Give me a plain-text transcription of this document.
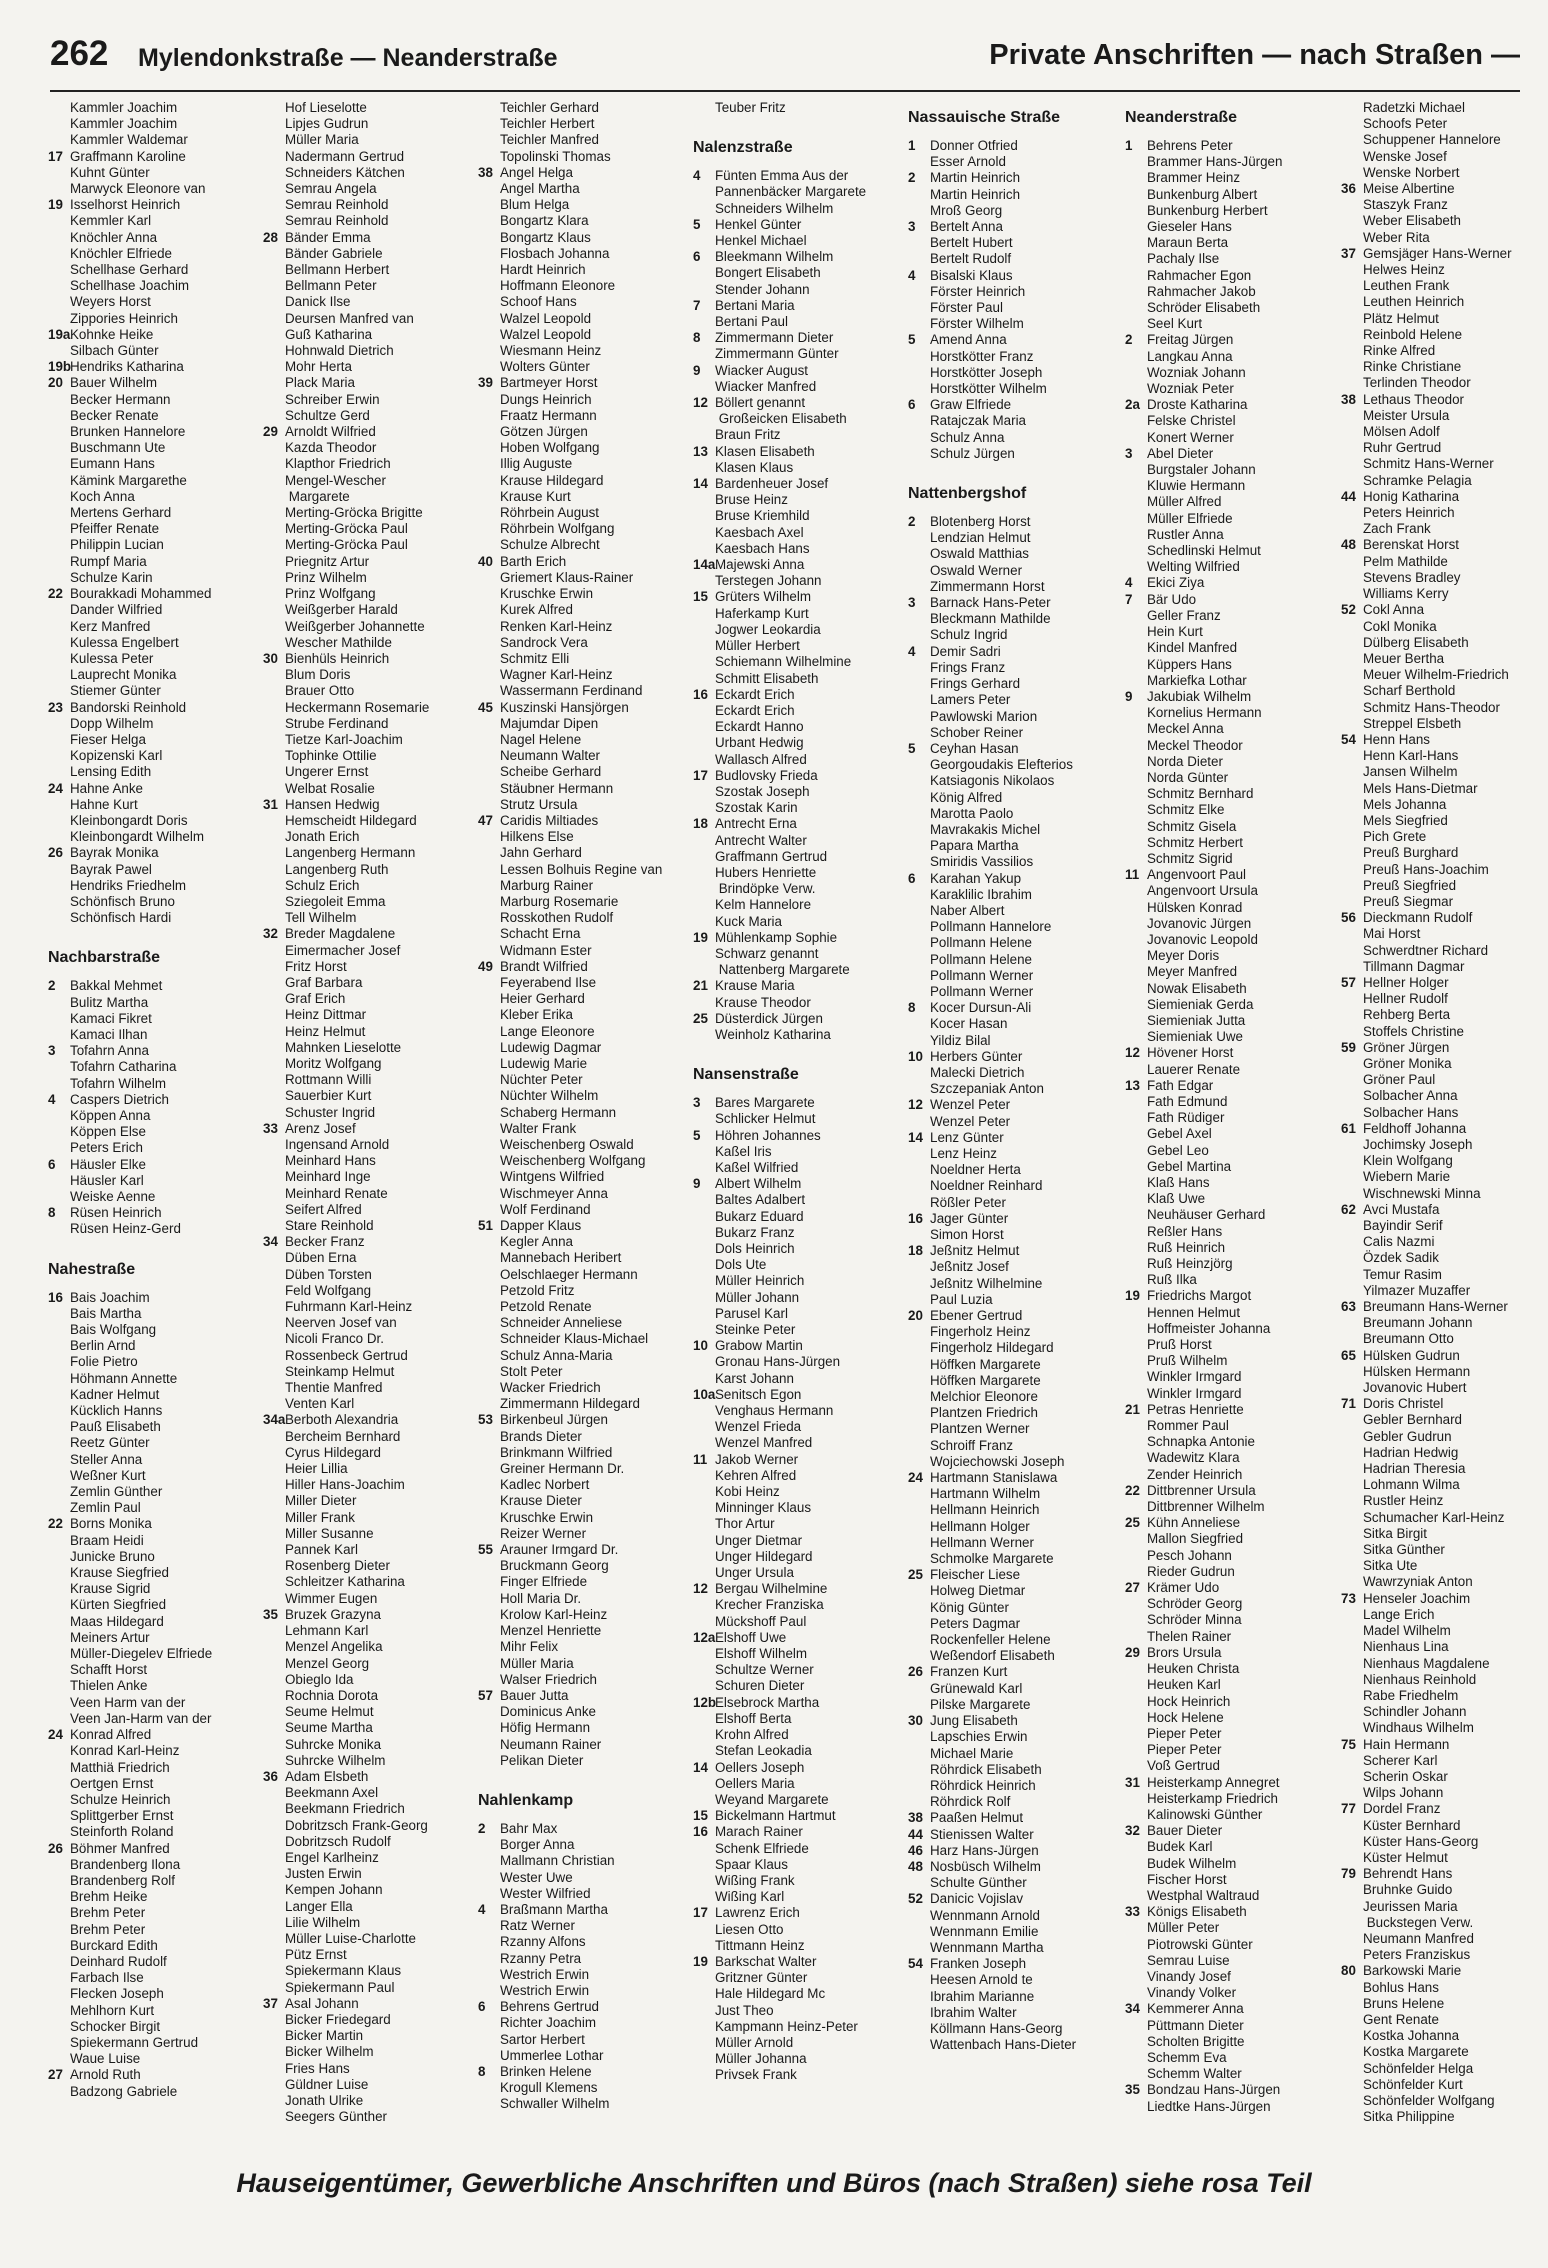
262 Mylendonkstraße — Neanderstraße	Private Anschriften — nach Straßen —
Kammler Joachim
Kammler Joachim
Kammler Waldemar
17 Graffmann Karoline
Kuhnt Günter
Marwyck Eleonore van
19 Isselhorst Heinrich
Kemmler Karl
Knöchler Anna
Knöchler Elfriede
Schellhase Gerhard
Schellhase Joachim
Weyers Horst
Zippories Heinrich
19aKohnke Heike
Silbach Günter
19bHendriks Katharina
20 Bauer Wilhelm
Becker Hermann
Becker Renate
Brunken Hannelore
Buschmann Ute
Eumann Hans
Kämink Margarethe
Koch Anna
Mertens Gerhard
Pfeiffer Renate
Philippin Lucian
Rumpf Maria
Schulze Karin
22 Bourakkadi Mohammed
Dander Wilfried
Kerz Manfred
Kulessa Engelbert
Kulessa Peter
Lauprecht Monika
Stiemer Günter
23 Bandorski Reinhold
Dopp Wilhelm
Fieser Helga
Kopizenski Karl
Lensing Edith
24 Hahne Anke
Hahne Kurt
Kleinbongardt Doris
Kleinbongardt Wilhelm
26 Bayrak Monika
Bayrak Pawel
Hendriks Friedhelm
Schönfisch Bruno
Schönfisch Hardi
Nachbarstraße
2 Bakkal Mehmet
Bulitz Martha
Kamaci Fikret
Kamaci Ilhan
3 Tofahrn Anna
Tofahrn Catharina
Tofahrn Wilhelm
4 Caspers Dietrich
Köppen Anna
Köppen Else
Peters Erich
6 Häusler Elke
Häusler Karl
Weiske Aenne
8 Rüsen Heinrich
Rüsen Heinz-Gerd
Nahestraße
16 Bais Joachim
Bais Martha
Bais Wolfgang
Berlin Arnd
Folie Pietro
Höhmann Annette
Kadner Helmut
Kücklich Hanns
Pauß Elisabeth
Reetz Günter
Steller Anna
Weßner Kurt
Zemlin Günther
Zemlin Paul
22 Borns Monika
Braam Heidi
Junicke Bruno
Krause Siegfried
Krause Sigrid
Kürten Siegfried
Maas Hildegard
Meiners Artur
Müller-Diegelev Elfriede
Schafft Horst
Thielen Anke
Veen Harm van der
Veen Jan-Harm van der
24 Konrad Alfred
Konrad Karl-Heinz
Matthiä Friedrich
Oertgen Ernst
Schulze Heinrich
Splittgerber Ernst
Steinforth Roland
26 Böhmer Manfred
Brandenberg Ilona
Brandenberg Rolf
Brehm Heike
Brehm Peter
Brehm Peter
Burckard Edith
Deinhard Rudolf
Farbach Ilse
Flecken Joseph
Mehlhorn Kurt
Schocker Birgit
Spiekermann Gertrud
Waue Luise
27 Arnold Ruth
Badzong Gabriele
Hof Lieselotte
Lipjes Gudrun
Müller Maria
Nadermann Gertrud
Schneiders Kätchen
Semrau Angela
Semrau Reinhold
Semrau Reinhold
28 Bänder Emma
Bänder Gabriele
Bellmann Herbert
Bellmann Peter
Danick Ilse
Deursen Manfred van
Guß Katharina
Hohnwald Dietrich
Mohr Herta
Plack Maria
Schreiber Erwin
Schultze Gerd
29 Arnoldt Wilfried
Kazda Theodor
Klapthor Friedrich
Mengel-Wescher
Margarete
Merting-Gröcka Brigitte
Merting-Gröcka Paul
Merting-Gröcka Paul
Priegnitz Artur
Prinz Wilhelm
Prinz Wolfgang
Weißgerber Harald
Weißgerber Johannette
Wescher Mathilde
30 Bienhüls Heinrich
Blum Doris
Brauer Otto
Heckermann Rosemarie
Strube Ferdinand
Tietze Karl-Joachim
Tophinke Ottilie
Ungerer Ernst
Welbat Rosalie
31 Hansen Hedwig
Hemscheidt Hildegard
Jonath Erich
Langenberg Hermann
Langenberg Ruth
Schulz Erich
Sziegoleit Emma
Tell Wilhelm
32 Breder Magdalene
Eimermacher Josef
Fritz Horst
Graf Barbara
Graf Erich
Heinz Dittmar
Heinz Helmut
Mahnken Lieselotte
Moritz Wolfgang
Rottmann Willi
Sauerbier Kurt
Schuster Ingrid
33 Arenz Josef
Ingensand Arnold
Meinhard Hans
Meinhard Inge
Meinhard Renate
Seifert Alfred
Stare Reinhold
34 Becker Franz
Düben Erna
Düben Torsten
Feld Wolfgang
Fuhrmann Karl-Heinz
Neerven Josef van
Nicoli Franco Dr.
Rossenbeck Gertrud
Steinkamp Helmut
Thentie Manfred
Venten Karl
34aBerboth Alexandria
Bercheim Bernhard
Cyrus Hildegard
Heier Lillia
Hiller Hans-Joachim
Miller Dieter
Miller Frank
Miller Susanne
Pannek Karl
Rosenberg Dieter
Schleitzer Katharina
Wimmer Eugen
35 Bruzek Grazyna
Lehmann Karl
Menzel Angelika
Menzel Georg
Obieglo Ida
Rochnia Dorota
Seume Helmut
Seume Martha
Suhrcke Monika
Suhrcke Wilhelm
36 Adam Elsbeth
Beekmann Axel
Beekmann Friedrich
Dobritzsch Frank-Georg
Dobritzsch Rudolf
Engel Karlheinz
Justen Erwin
Kempen Johann
Langer Ella
Lilie Wilhelm
Müller Luise-Charlotte
Pütz Ernst
Spiekermann Klaus
Spiekermann Paul
37 Asal Johann
Bicker Friedegard
Bicker Martin
Bicker Wilhelm
Fries Hans
Güldner Luise
Jonath Ulrike
Seegers Günther
Teichler Gerhard
Teichler Herbert
Teichler Manfred
Topolinski Thomas
38 Angel Helga
Angel Martha
Blum Helga
Bongartz Klara
Bongartz Klaus
Flosbach Johanna
Hardt Heinrich
Hoffmann Eleonore
Schoof Hans
Walzel Leopold
Walzel Leopold
Wiesmann Heinz
Wolters Günter
39 Bartmeyer Horst
Dungs Heinrich
Fraatz Hermann
Götzen Jürgen
Hoben Wolfgang
Illig Auguste
Krause Hildegard
Krause Kurt
Röhrbein August
Röhrbein Wolfgang
Schulze Albrecht
40 Barth Erich
Griemert Klaus-Rainer
Kruschke Erwin
Kurek Alfred
Renken Karl-Heinz
Sandrock Vera
Schmitz Elli
Wagner Karl-Heinz
Wassermann Ferdinand
45 Kuszinski Hansjörgen
Majumdar Dipen
Nagel Helene
Neumann Walter
Scheibe Gerhard
Stäubner Hermann
Strutz Ursula
47 Caridis Miltiades
Hilkens Else
Jahn Gerhard
Lessen Bolhuis Regine van
Marburg Rainer
Marburg Rosemarie
Rosskothen Rudolf
Schacht Erna
Widmann Ester
49 Brandt Wilfried
Feyerabend Ilse
Heier Gerhard
Kleber Erika
Lange Eleonore
Ludewig Dagmar
Ludewig Marie
Nüchter Peter
Nüchter Wilhelm
Schaberg Hermann
Walter Frank
Weischenberg Oswald
Weischenberg Wolfgang
Wintgens Wilfried
Wischmeyer Anna
Wolf Ferdinand
51 Dapper Klaus
Kegler Anna
Mannebach Heribert
Oelschlaeger Hermann
Petzold Fritz
Petzold Renate
Schneider Anneliese
Schneider Klaus-Michael
Schulz Anna-Maria
Stolt Peter
Wacker Friedrich
Zimmermann Hildegard
53 Birkenbeul Jürgen
Brands Dieter
Brinkmann Wilfried
Greiner Hermann Dr.
Kadlec Norbert
Krause Dieter
Kruschke Erwin
Reizer Werner
55 Arauner Irmgard Dr.
Bruckmann Georg
Finger Elfriede
Holl Maria Dr.
Krolow Karl-Heinz
Menzel Henriette
Mihr Felix
Müller Maria
Walser Friedrich
57 Bauer Jutta
Dominicus Anke
Höfig Hermann
Neumann Rainer
Pelikan Dieter
Nahlenkamp
2 Bahr Max
Borger Anna
Mallmann Christian
Wester Uwe
Wester Wilfried
4 Braßmann Martha
Ratz Werner
Rzanny Alfons
Rzanny Petra
Westrich Erwin
Westrich Erwin
6 Behrens Gertrud
Richter Joachim
Sartor Herbert
Ummerlee Lothar
8 Brinken Helene
Krogull Klemens
Schwaller Wilhelm
Teuber Fritz
Nalenzstraße
4 Fünten Emma Aus der
Pannenbäcker Margarete
Schneiders Wilhelm
5 Henkel Günter
Henkel Michael
6 Bleekmann Wilhelm
Bongert Elisabeth
Stender Johann
7 Bertani Maria
Bertani Paul
8 Zimmermann Dieter
Zimmermann Günter
9 Wiacker August
Wiacker Manfred
12 Böllert genannt
Großeicken Elisabeth
Braun Fritz
13 Klasen Elisabeth
Klasen Klaus
14 Bardenheuer Josef
Bruse Heinz
Bruse Kriemhild
Kaesbach Axel
Kaesbach Hans
14aMajewski Anna
Terstegen Johann
15 Grüters Wilhelm
Haferkamp Kurt
Jogwer Leokardia
Müller Herbert
Schiemann Wilhelmine
Schmitt Elisabeth
16 Eckardt Erich
Eckardt Erich
Eckardt Hanno
Urbant Hedwig
Wallasch Alfred
17 Budlovsky Frieda
Szostak Joseph
Szostak Karin
18 Antrecht Erna
Antrecht Walter
Graffmann Gertrud
Hubers Henriette
Brindöpke Verw.
Kelm Hannelore
Kuck Maria
19 Mühlenkamp Sophie
Schwarz genannt
Nattenberg Margarete
21 Krause Maria
Krause Theodor
25 Düsterdick Jürgen
Weinholz Katharina
Nansenstraße
3 Bares Margarete
Schlicker Helmut
5 Höhren Johannes
Kaßel Iris
Kaßel Wilfried
9 Albert Wilhelm
Baltes Adalbert
Bukarz Eduard
Bukarz Franz
Dols Heinrich
Dols Ute
Müller Heinrich
Müller Johann
Parusel Karl
Steinke Peter
10 Grabow Martin
Gronau Hans-Jürgen
Karst Johann
10aSenitsch Egon
Venghaus Hermann
Wenzel Frieda
Wenzel Manfred
11 Jakob Werner
Kehren Alfred
Kobi Heinz
Minninger Klaus
Thor Artur
Unger Dietmar
Unger Hildegard
Unger Ursula
12 Bergau Wilhelmine
Krecher Franziska
Mückshoff Paul
12aElshoff Uwe
Elshoff Wilhelm
Schultze Werner
Schuren Dieter
12bElsebrock Martha
Elshoff Berta
Krohn Alfred
Stefan Leokadia
14 Oellers Joseph
Oellers Maria
Weyand Margarete
15 Bickelmann Hartmut
16 Marach Rainer
Schenk Elfriede
Spaar Klaus
Wißing Frank
Wißing Karl
17 Lawrenz Erich
Liesen Otto
Tittmann Heinz
19 Barkschat Walter
Gritzner Günter
Hale Hildegard Mc
Just Theo
Kampmann Heinz-Peter
Müller Arnold
Müller Johanna
Privsek Frank
Nassauische Straße
1 Donner Otfried
Esser Arnold
2 Martin Heinrich
Martin Heinrich
Mroß Georg
3 Bertelt Anna
Bertelt Hubert
Bertelt Rudolf
4 Bisalski Klaus
Förster Heinrich
Förster Paul
Förster Wilhelm
5 Amend Anna
Horstkötter Franz
Horstkötter Joseph
Horstkötter Wilhelm
6 Graw Elfriede
Ratajczak Maria
Schulz Anna
Schulz Jürgen
Nattenbergshof
2 Blotenberg Horst
Lendzian Helmut
Oswald Matthias
Oswald Werner
Zimmermann Horst
3 Barnack Hans-Peter
Bleckmann Mathilde
Schulz Ingrid
4 Demir Sadri
Frings Franz
Frings Gerhard
Lamers Peter
Pawlowski Marion
Schober Reiner
5 Ceyhan Hasan
Georgoudakis Elefterios
Katsiagonis Nikolaos
König Alfred
Marotta Paolo
Mavrakakis Michel
Papara Martha
Smiridis Vassilios
6 Karahan Yakup
Karaklilic Ibrahim
Naber Albert
Pollmann Hannelore
Pollmann Helene
Pollmann Helene
Pollmann Werner
Pollmann Werner
8 Kocer Dursun-Ali
Kocer Hasan
Yildiz Bilal
10 Herbers Günter
Malecki Dietrich
Szczepaniak Anton
12 Wenzel Peter
Wenzel Peter
14 Lenz Günter
Lenz Heinz
Noeldner Herta
Noeldner Reinhard
Rößler Peter
16 Jager Günter
Simon Horst
18 Jeßnitz Helmut
Jeßnitz Josef
Jeßnitz Wilhelmine
Paul Luzia
20 Ebener Gertrud
Fingerholz Heinz
Fingerholz Hildegard
Höffken Margarete
Höffken Margarete
Melchior Eleonore
Plantzen Friedrich
Plantzen Werner
Schroiff Franz
Wojciechowski Joseph
24 Hartmann Stanislawa
Hartmann Wilhelm
Hellmann Heinrich
Hellmann Holger
Hellmann Werner
Schmolke Margarete
25 Fleischer Liese
Holweg Dietmar
König Günter
Peters Dagmar
Rockenfeller Helene
Weßendorf Elisabeth
26 Franzen Kurt
Grünewald Karl
Pilske Margarete
30 Jung Elisabeth
Lapschies Erwin
Michael Marie
Röhrdick Elisabeth
Röhrdick Heinrich
Röhrdick Rolf
38 Paaßen Helmut
44 Stienissen Walter
46 Harz Hans-Jürgen
48 Nosbüsch Wilhelm
Schulte Günther
52 Danicic Vojislav
Wennmann Arnold
Wennmann Emilie
Wennmann Martha
54 Franken Joseph
Heesen Arnold te
Ibrahim Marianne
Ibrahim Walter
Köllmann Hans-Georg
Wattenbach Hans-Dieter
Neanderstraße
1 Behrens Peter
Brammer Hans-Jürgen
Brammer Heinz
Bunkenburg Albert
Bunkenburg Herbert
Gieseler Hans
Maraun Berta
Pachaly Ilse
Rahmacher Egon
Rahmacher Jakob
Schröder Elisabeth
Seel Kurt
2 Freitag Jürgen
Langkau Anna
Wozniak Johann
Wozniak Peter
2a Droste Katharina
Felske Christel
Konert Werner
3 Abel Dieter
Burgstaler Johann
Kluwie Hermann
Müller Alfred
Müller Elfriede
Rustler Anna
Schedlinski Helmut
Welting Wilfried
4 Ekici Ziya
7 Bär Udo
Geller Franz
Hein Kurt
Kindel Manfred
Küppers Hans
Markiefka Lothar
9 Jakubiak Wilhelm
Kornelius Hermann
Meckel Anna
Meckel Theodor
Norda Dieter
Norda Günter
Schmitz Bernhard
Schmitz Elke
Schmitz Gisela
Schmitz Herbert
Schmitz Sigrid
11 Angenvoort Paul
Angenvoort Ursula
Hülsken Konrad
Jovanovic Jürgen
Jovanovic Leopold
Meyer Doris
Meyer Manfred
Nowak Elisabeth
Siemieniak Gerda
Siemieniak Jutta
Siemieniak Uwe
12 Hövener Horst
Lauerer Renate
13 Fath Edgar
Fath Edmund
Fath Rüdiger
Gebel Axel
Gebel Leo
Gebel Martina
Klaß Hans
Klaß Uwe
Neuhäuser Gerhard
Reßler Hans
Ruß Heinrich
Ruß Heinzjörg
Ruß Ilka
19 Friedrichs Margot
Hennen Helmut
Hoffmeister Johanna
Pruß Horst
Pruß Wilhelm
Winkler Irmgard
Winkler Irmgard
21 Petras Henriette
Rommer Paul
Schnapka Antonie
Wadewitz Klara
Zender Heinrich
22 Dittbrenner Ursula
Dittbrenner Wilhelm
25 Kühn Anneliese
Mallon Siegfried
Pesch Johann
Rieder Gudrun
27 Krämer Udo
Schröder Georg
Schröder Minna
Thelen Rainer
29 Brors Ursula
Heuken Christa
Heuken Karl
Hock Heinrich
Hock Helene
Pieper Peter
Pieper Peter
Voß Gertrud
31 Heisterkamp Annegret
Heisterkamp Friedrich
Kalinowski Günther
32 Bauer Dieter
Budek Karl
Budek Wilhelm
Fischer Horst
Westphal Waltraud
33 Königs Elisabeth
Müller Peter
Piotrowski Günter
Semrau Luise
Vinandy Josef
Vinandy Volker
34 Kemmerer Anna
Püttmann Dieter
Scholten Brigitte
Schemm Eva
Schemm Walter
35 Bondzau Hans-Jürgen
Liedtke Hans-Jürgen
Radetzki Michael
Schoofs Peter
Schuppener Hannelore
Wenske Josef
Wenske Norbert
36 Meise Albertine
Staszyk Franz
Weber Elisabeth
Weber Rita
37 Gemsjäger Hans-Werner
Helwes Heinz
Leuthen Frank
Leuthen Heinrich
Plätz Helmut
Reinbold Helene
Rinke Alfred
Rinke Christiane
Terlinden Theodor
38 Lethaus Theodor
Meister Ursula
Mölsen Adolf
Ruhr Gertrud
Schmitz Hans-Werner
Schramke Pelagia
44 Honig Katharina
Peters Heinrich
Zach Frank
48 Berenskat Horst
Pelm Mathilde
Stevens Bradley
Williams Kerry
52 Cokl Anna
Cokl Monika
Dülberg Elisabeth
Meuer Bertha
Meuer Wilhelm-Friedrich
Scharf Berthold
Schmitz Hans-Theodor
Streppel Elsbeth
54 Henn Hans
Henn Karl-Hans
Jansen Wilhelm
Mels Hans-Dietmar
Mels Johanna
Mels Siegfried
Pich Grete
Preuß Burghard
Preuß Hans-Joachim
Preuß Siegfried
Preuß Siegmar
56 Dieckmann Rudolf
Mai Horst
Schwerdtner Richard
Tillmann Dagmar
57 Hellner Holger
Hellner Rudolf
Rehberg Berta
Stoffels Christine
59 Gröner Jürgen
Gröner Monika
Gröner Paul
Solbacher Anna
Solbacher Hans
61 Feldhoff Johanna
Jochimsky Joseph
Klein Wolfgang
Wiebern Marie
Wischnewski Minna
62 Avci Mustafa
Bayindir Serif
Calis Nazmi
Özdek Sadik
Temur Rasim
Yilmazer Muzaffer
63 Breumann Hans-Werner
Breumann Johann
Breumann Otto
65 Hülsken Gudrun
Hülsken Hermann
Jovanovic Hubert
71 Doris Christel
Gebler Bernhard
Gebler Gudrun
Hadrian Hedwig
Hadrian Theresia
Lohmann Wilma
Rustler Heinz
Schumacher Karl-Heinz
Sitka Birgit
Sitka Günther
Sitka Ute
Wawrzyniak Anton
73 Henseler Joachim
Lange Erich
Madel Wilhelm
Nienhaus Lina
Nienhaus Magdalene
Nienhaus Reinhold
Rabe Friedhelm
Schindler Johann
Windhaus Wilhelm
75 Hain Hermann
Scherer Karl
Scherin Oskar
Wilps Johann
77 Dordel Franz
Küster Bernhard
Küster Hans-Georg
Küster Helmut
79 Behrendt Hans
Bruhnke Guido
Jeurissen Maria
Buckstegen Verw.
Neumann Manfred
Peters Franziskus
80 Barkowski Marie
Bohlus Hans
Bruns Helene
Gent Renate
Kostka Johanna
Kostka Margarete
Schönfelder Helga
Schönfelder Kurt
Schönfelder Wolfgang
Sitka Philippine
Hauseigentümer, Gewerbliche Anschriften und Büros (nach Straßen) siehe rosa Teil
